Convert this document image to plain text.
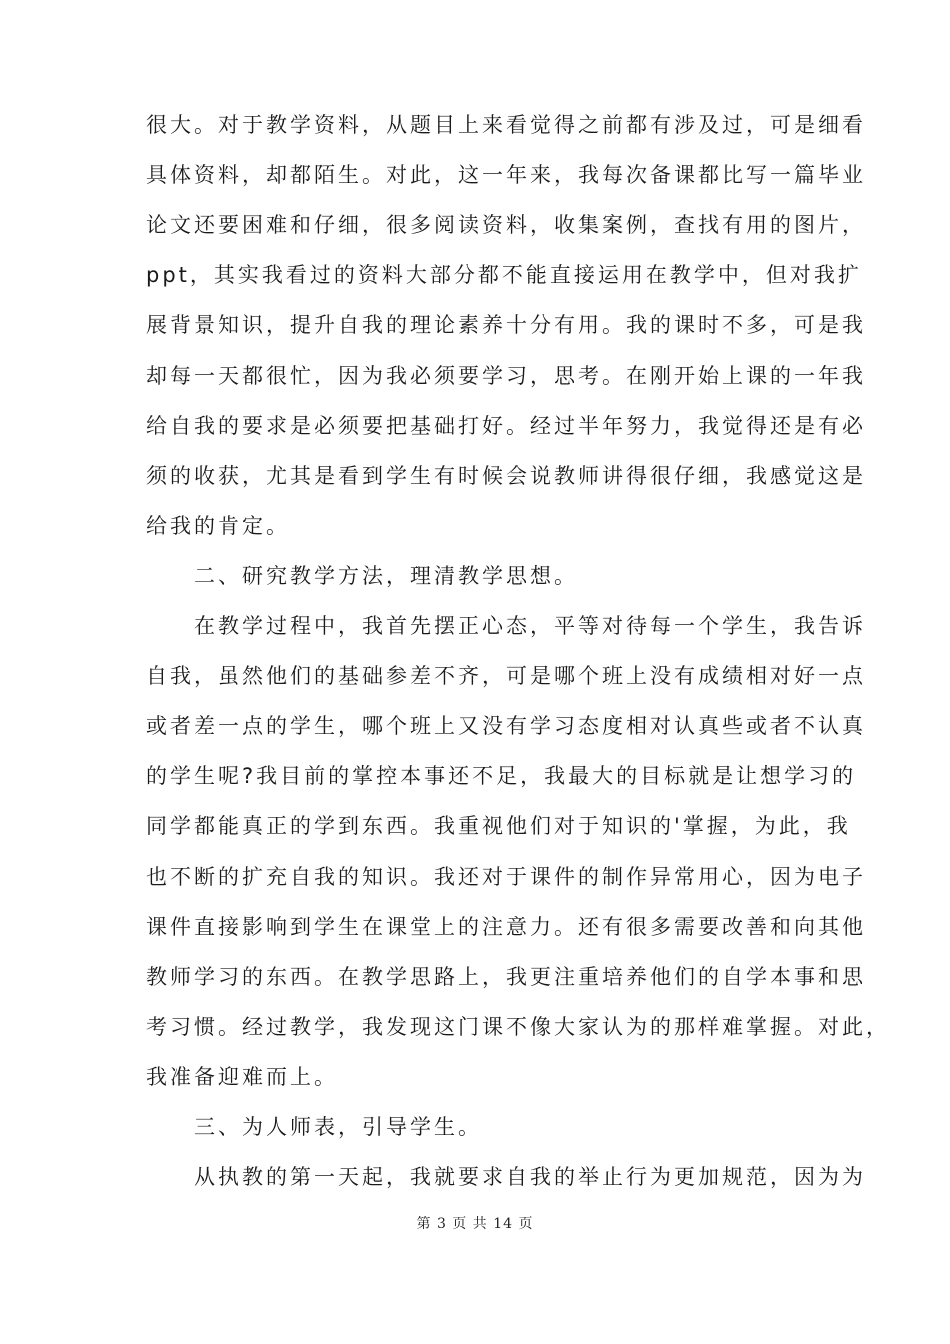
很大。对于教学资料，从题目上来看觉得之前都有涉及过，可是细看
具体资料，却都陌生。对此，这一年来，我每次备课都比写一篇毕业
论文还要困难和仔细，很多阅读资料，收集案例，查找有用的图片，
ppt，其实我看过的资料大部分都不能直接运用在教学中，但对我扩
展背景知识，提升自我的理论素养十分有用。我的课时不多，可是我
却每一天都很忙，因为我必须要学习，思考。在刚开始上课的一年我
给自我的要求是必须要把基础打好。经过半年努力，我觉得还是有必
须的收获，尤其是看到学生有时候会说教师讲得很仔细，我感觉这是
给我的肯定。
　　二、研究教学方法，理清教学思想。
　　在教学过程中，我首先摆正心态，平等对待每一个学生，我告诉
自我，虽然他们的基础参差不齐，可是哪个班上没有成绩相对好一点
或者差一点的学生，哪个班上又没有学习态度相对认真些或者不认真
的学生呢?我目前的掌控本事还不足，我最大的目标就是让想学习的
同学都能真正的学到东西。我重视他们对于知识的'掌握，为此，我
也不断的扩充自我的知识。我还对于课件的制作异常用心，因为电子
课件直接影响到学生在课堂上的注意力。还有很多需要改善和向其他
教师学习的东西。在教学思路上，我更注重培养他们的自学本事和思
考习惯。经过教学，我发现这门课不像大家认为的那样难掌握。对此，
我准备迎难而上。
　　三、为人师表，引导学生。
　　从执教的第一天起，我就要求自我的举止行为更加规范，因为为
第 3 页 共 14 页
